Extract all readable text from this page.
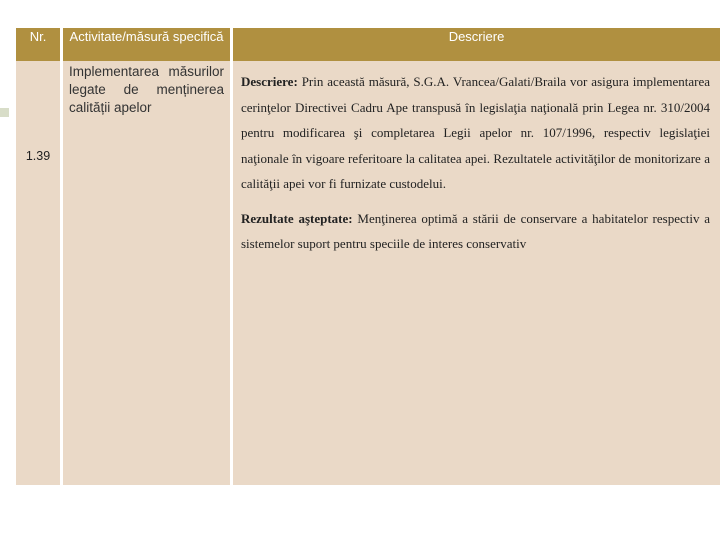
Nr.
1.39
Activitate/măsură specifică
Implementarea măsurilor legate de menținerea calității apelor
Descriere

Descriere: Prin această măsură, S.G.A. Vrancea/Galati/Braila vor asigura implementarea cerinţelor Directivei Cadru Ape transpusă în legislaţia naţională prin Legea nr. 310/2004 pentru modificarea şi completarea Legii apelor nr. 107/1996, respectiv legislaţiei naţionale în vigoare referitoare la calitatea apei. Rezultatele activităţilor de monitorizare a calităţii apei vor fi furnizate custodelui.

Rezultate aşteptate: Menţinerea optimă a stării de conservare a habitatelor respectiv a sistemelor suport pentru speciile de interes conservativ
